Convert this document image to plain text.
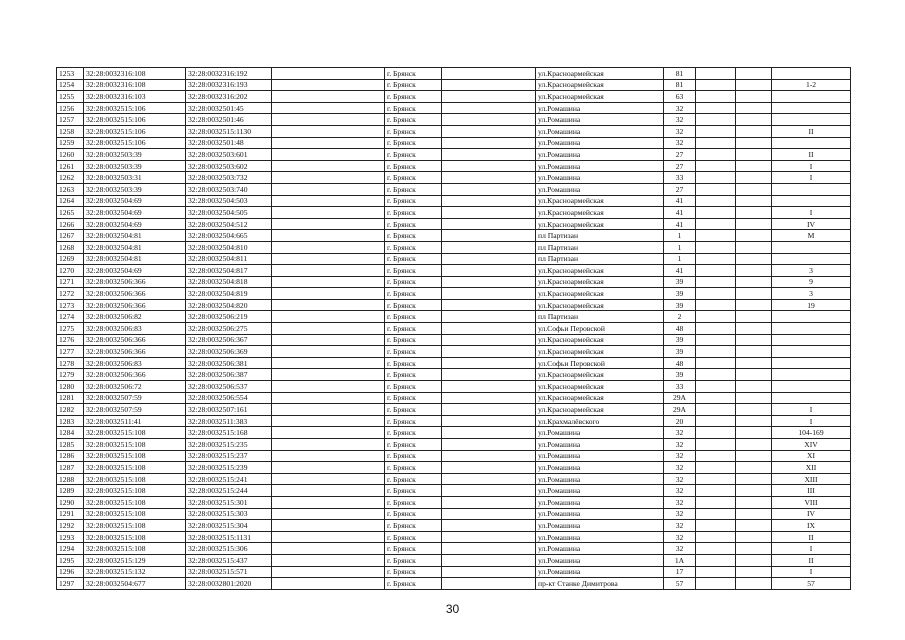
1253	32:28:0032316:108	32:28:0032316:192		г. Брянск		ул.Красноармейская	81			
1254	32:28:0032316:108	32:28:0032316:193		г. Брянск		ул.Красноармейская	81			1-2
1255	32:28:0032316:103	32:28:0032316:202		г. Брянск		ул.Красноармейская	63			
1256	32:28:0032515:106	32:28:0032501:45		г. Брянск		ул.Ромашина	32			
1257	32:28:0032515:106	32:28:0032501:46		г. Брянск		ул.Ромашина	32			
1258	32:28:0032515:106	32:28:0032515:1130		г. Брянск		ул.Ромашина	32			II
1259	32:28:0032515:106	32:28:0032501:48		г. Брянск		ул.Ромашина	32			
1260	32:28:0032503:39	32:28:0032503:601		г. Брянск		ул.Ромашина	27			II
1261	32:28:0032503:39	32:28:0032503:602		г. Брянск		ул.Ромашина	27			I
1262	32:28:0032503:31	32:28:0032503:732		г. Брянск		ул.Ромашина	33			I
1263	32:28:0032503:39	32:28:0032503:740		г. Брянск		ул.Ромашина	27			
1264	32:28:0032504:69	32:28:0032504:503		г. Брянск		ул.Красноармейская	41			
1265	32:28:0032504:69	32:28:0032504:505		г. Брянск		ул.Красноармейская	41			I
1266	32:28:0032504:69	32:28:0032504:512		г. Брянск		ул.Красноармейская	41			IV
1267	32:28:0032504:81	32:28:0032504:665		г. Брянск		пл Партизан	1			M
1268	32:28:0032504:81	32:28:0032504:810		г. Брянск		пл Партизан	1			
1269	32:28:0032504:81	32:28:0032504:811		г. Брянск		пл Партизан	1			
1270	32:28:0032504:69	32:28:0032504:817		г. Брянск		ул.Красноармейская	41			3
1271	32:28:0032506:366	32:28:0032504:818		г. Брянск		ул.Красноармейская	39			9
1272	32:28:0032506:366	32:28:0032504:819		г. Брянск		ул.Красноармейская	39			3
1273	32:28:0032506:366	32:28:0032504:820		г. Брянск		ул.Красноармейская	39			19
1274	32:28:0032506:82	32:28:0032506:219		г. Брянск		пл Партизан	2			
1275	32:28:0032506:83	32:28:0032506:275		г. Брянск		ул.Софьи Перовской	48			
1276	32:28:0032506:366	32:28:0032506:367		г. Брянск		ул.Красноармейская	39			
1277	32:28:0032506:366	32:28:0032506:369		г. Брянск		ул.Красноармейская	39			
1278	32:28:0032506:83	32:28:0032506:381		г. Брянск		ул.Софьи Перовской	48			
1279	32:28:0032506:366	32:28:0032506:387		г. Брянск		ул.Красноармейская	39			
1280	32:28:0032506:72	32:28:0032506:537		г. Брянск		ул.Красноармейская	33			
1281	32:28:0032507:59	32:28:0032506:554		г. Брянск		ул.Красноармейская	29А			
1282	32:28:0032507:59	32:28:0032507:161		г. Брянск		ул.Красноармейская	29А			I
1283	32:28:0032511:41	32:28:0032511:383		г. Брянск		ул.Крахмалёвского	20			I
1284	32:28:0032515:108	32:28:0032515:168		г. Брянск		ул.Ромашина	32			104-169
1285	32:28:0032515:108	32:28:0032515:235		г. Брянск		ул.Ромашина	32			XIV
1286	32:28:0032515:108	32:28:0032515:237		г. Брянск		ул.Ромашина	32			XI
1287	32:28:0032515:108	32:28:0032515:239		г. Брянск		ул.Ромашина	32			XII
1288	32:28:0032515:108	32:28:0032515:241		г. Брянск		ул.Ромашина	32			XIII
1289	32:28:0032515:108	32:28:0032515:244		г. Брянск		ул.Ромашина	32			III
1290	32:28:0032515:108	32:28:0032515:301		г. Брянск		ул.Ромашина	32			VIII
1291	32:28:0032515:108	32:28:0032515:303		г. Брянск		ул.Ромашина	32			IV
1292	32:28:0032515:108	32:28:0032515:304		г. Брянск		ул.Ромашина	32			IX
1293	32:28:0032515:108	32:28:0032515:1131		г. Брянск		ул.Ромашина	32			II
1294	32:28:0032515:108	32:28:0032515:306		г. Брянск		ул.Ромашина	32			I
1295	32:28:0032515:129	32:28:0032515:437		г. Брянск		ул.Ромашина	1А			II
1296	32:28:0032515:132	32:28:0032515:571		г. Брянск		ул.Ромашина	17			I
1297	32:28:0032504:677	32:28:0032801:2020		г. Брянск		пр-кт Станке Димитрова	57			57
30
